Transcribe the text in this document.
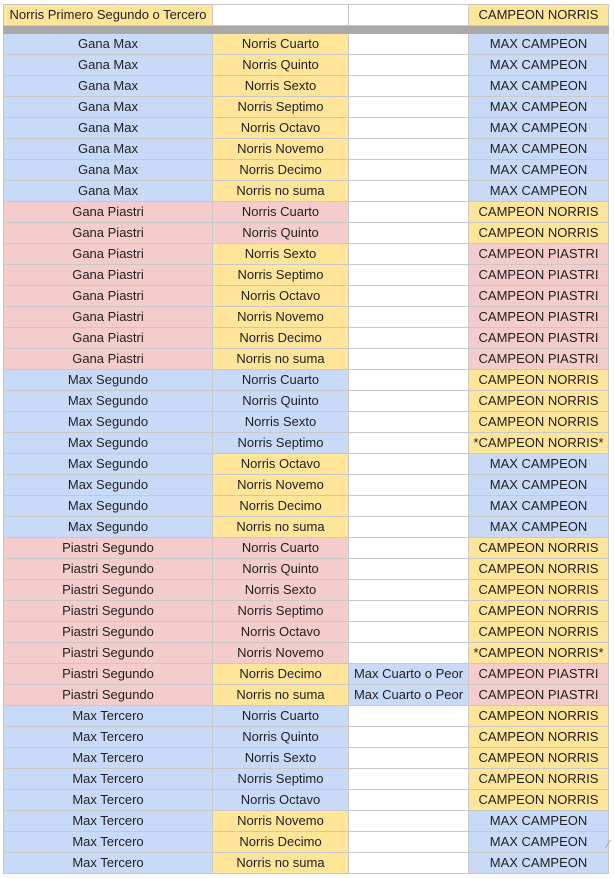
Norris Primero Segundo o Tercero			CAMPEON NORRIS

Gana Max	Norris Cuarto		MAX CAMPEON
Gana Max	Norris Quinto		MAX CAMPEON
Gana Max	Norris Sexto		MAX CAMPEON
Gana Max	Norris Septimo		MAX CAMPEON
Gana Max	Norris Octavo		MAX CAMPEON
Gana Max	Norris Novemo		MAX CAMPEON
Gana Max	Norris Decimo		MAX CAMPEON
Gana Max	Norris no suma		MAX CAMPEON
Gana Piastri	Norris Cuarto		CAMPEON NORRIS
Gana Piastri	Norris Quinto		CAMPEON NORRIS
Gana Piastri	Norris Sexto		CAMPEON PIASTRI
Gana Piastri	Norris Septimo		CAMPEON PIASTRI
Gana Piastri	Norris Octavo		CAMPEON PIASTRI
Gana Piastri	Norris Novemo		CAMPEON PIASTRI
Gana Piastri	Norris Decimo		CAMPEON PIASTRI
Gana Piastri	Norris no suma		CAMPEON PIASTRI
Max Segundo	Norris Cuarto		CAMPEON NORRIS
Max Segundo	Norris Quinto		CAMPEON NORRIS
Max Segundo	Norris Sexto		CAMPEON NORRIS
Max Segundo	Norris Septimo		*CAMPEON NORRIS*
Max Segundo	Norris Octavo		MAX CAMPEON
Max Segundo	Norris Novemo		MAX CAMPEON
Max Segundo	Norris Decimo		MAX CAMPEON
Max Segundo	Norris no suma		MAX CAMPEON
Piastri Segundo	Norris Cuarto		CAMPEON NORRIS
Piastri Segundo	Norris Quinto		CAMPEON NORRIS
Piastri Segundo	Norris Sexto		CAMPEON NORRIS
Piastri Segundo	Norris Septimo		CAMPEON NORRIS
Piastri Segundo	Norris Octavo		CAMPEON NORRIS
Piastri Segundo	Norris Novemo		*CAMPEON NORRIS*
Piastri Segundo	Norris Decimo	Max Cuarto o Peor	CAMPEON PIASTRI
Piastri Segundo	Norris no suma	Max Cuarto o Peor	CAMPEON PIASTRI
Max Tercero	Norris Cuarto		CAMPEON NORRIS
Max Tercero	Norris Quinto		CAMPEON NORRIS
Max Tercero	Norris Sexto		CAMPEON NORRIS
Max Tercero	Norris Septimo		CAMPEON NORRIS
Max Tercero	Norris Octavo		CAMPEON NORRIS
Max Tercero	Norris Novemo		MAX CAMPEON
Max Tercero	Norris Decimo		MAX CAMPEON
Max Tercero	Norris no suma		MAX CAMPEON
⁄
